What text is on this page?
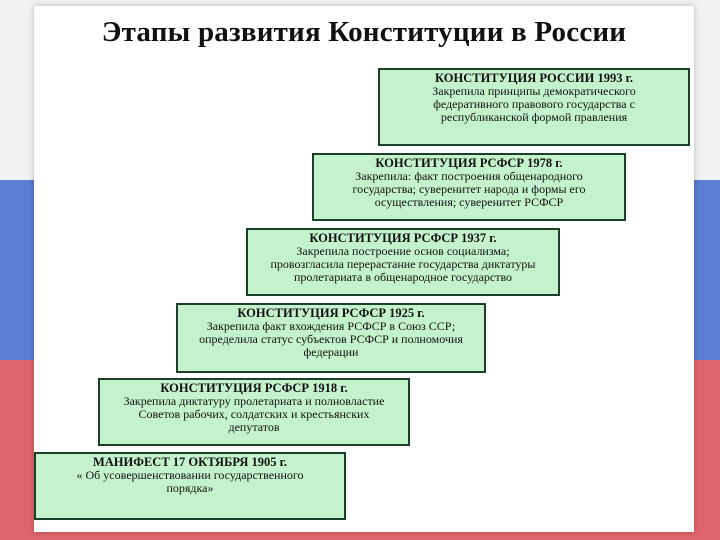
Этапы развития Конституции в России
КОНСТИТУЦИЯ РОССИИ 1993 г.
Закрепила принципы демократического
федеративного правового государства с
республиканской формой правления
КОНСТИТУЦИЯ РСФСР 1978 г.
Закрепила: факт построения общенародного
государства; суверенитет народа и формы его
осуществления; суверенитет РСФСР
КОНСТИТУЦИЯ РСФСР 1937 г.
Закрепила построение основ социализма;
провозгласила перерастание государства диктатуры
пролетариата в общенародное государство
КОНСТИТУЦИЯ РСФСР 1925 г.
Закрепила факт вхождения РСФСР в Союз ССР;
определила статус субъектов РСФСР и полномочия
федерации
КОНСТИТУЦИЯ РСФСР 1918 г.
Закрепила диктатуру пролетариата и полновластие
Советов рабочих, солдатских и крестьянских
депутатов
МАНИФЕСТ 17 ОКТЯБРЯ 1905 г.
« Об усовершенствовании государственного
порядка»
